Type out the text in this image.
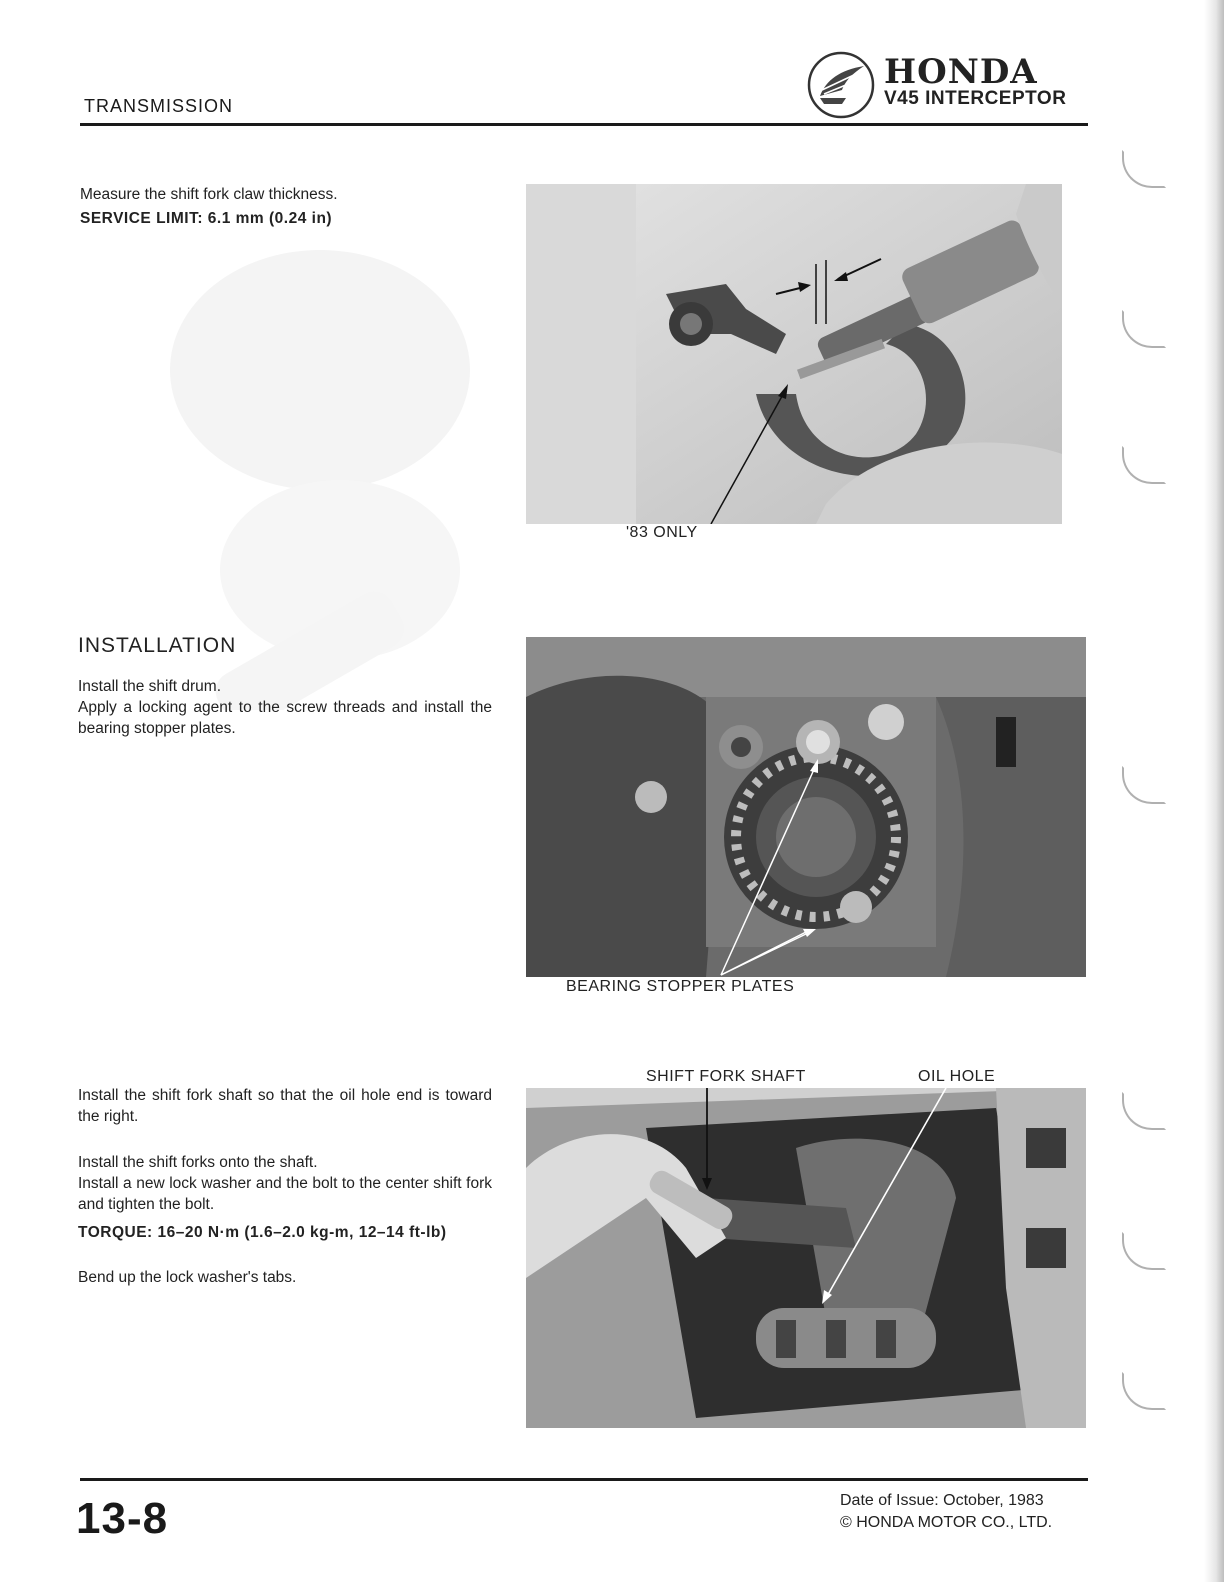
TRANSMISSION
HONDA
V45 INTERCEPTOR
Measure the shift fork claw thickness.
SERVICE LIMIT: 6.1 mm (0.24 in)
'83 ONLY
INSTALLATION
Install the shift drum.
Apply a locking agent to the screw threads and install the bearing stopper plates.
BEARING STOPPER PLATES
Install the shift fork shaft so that the oil hole end is toward the right.
Install the shift forks onto the shaft.
Install a new lock washer and the bolt to the center shift fork and tighten the bolt.
TORQUE: 16–20 N·m (1.6–2.0 kg-m, 12–14 ft-lb)
Bend up the lock washer's tabs.
SHIFT FORK SHAFT	OIL HOLE
13-8	Date of Issue: October, 1983
© HONDA MOTOR CO., LTD.
